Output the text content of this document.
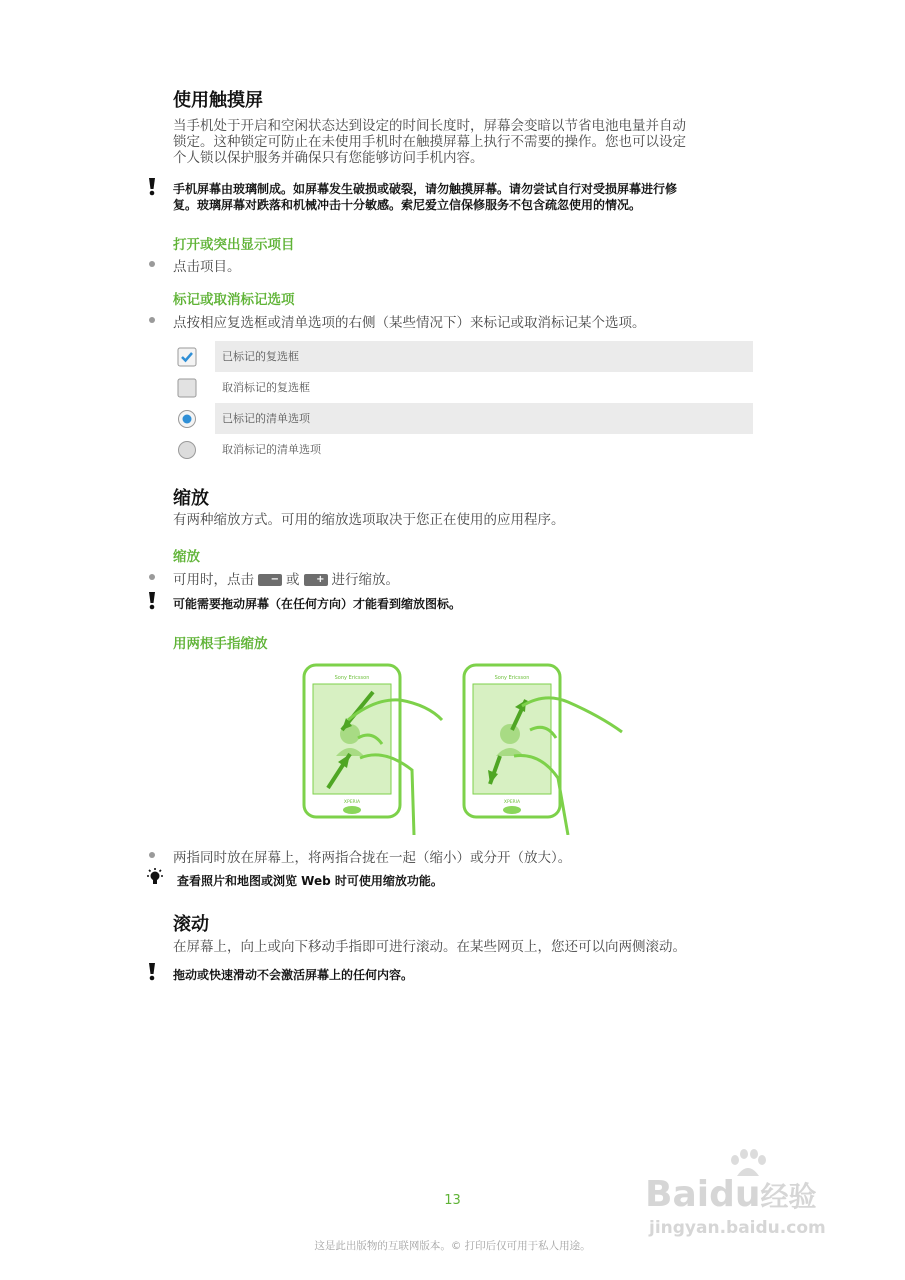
使用触摸屏
当手机处于开启和空闲状态达到设定的时间长度时，屏幕会变暗以节省电池电量并自动
锁定。这种锁定可防止在未使用手机时在触摸屏幕上执行不需要的操作。您也可以设定
个人锁以保护服务并确保只有您能够访问手机内容。
手机屏幕由玻璃制成。如屏幕发生破损或破裂，请勿触摸屏幕。请勿尝试自行对受损屏幕进行修
复。玻璃屏幕对跌落和机械冲击十分敏感。索尼爱立信保修服务不包含疏忽使用的情况。
打开或突出显示项目
点击项目。
标记或取消标记选项
点按相应复选框或清单选项的右侧（某些情况下）来标记或取消标记某个选项。
已标记的复选框
取消标记的复选框
已标记的清单选项
取消标记的清单选项
缩放
有两种缩放方式。可用的缩放选项取决于您正在使用的应用程序。
缩放
可用时，点击 − 或 + 进行缩放。
可能需要拖动屏幕（在任何方向）才能看到缩放图标。
用两根手指缩放
Sony Ericsson
XPERIA
Sony Ericsson
XPERIA
两指同时放在屏幕上，将两指合拢在一起（缩小）或分开（放大）。
查看照片和地图或浏览 Web 时可使用缩放功能。
滚动
在屏幕上，向上或向下移动手指即可进行滚动。在某些网页上，您还可以向两侧滚动。
拖动或快速滑动不会激活屏幕上的任何内容。
13
这是此出版物的互联网版本。© 打印后仅可用于私人用途。
Baidu经验
jingyan.baidu.com
